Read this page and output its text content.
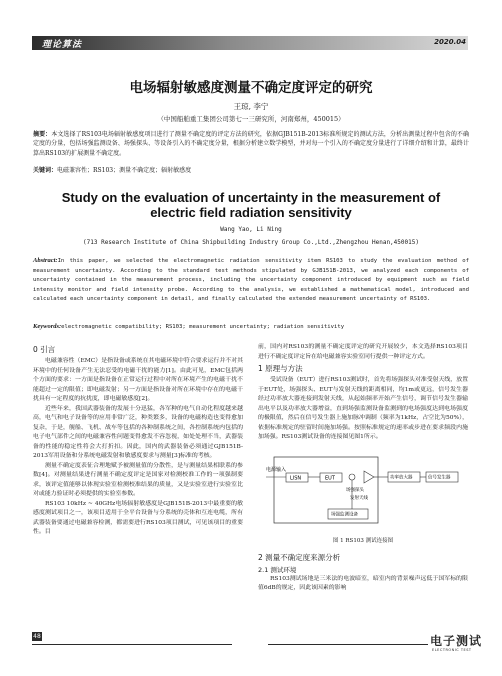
理论算法	2020.04
电场辐射敏感度测量不确定度评定的研究
王琼, 李宁
（中国船舶重工集团公司第七一三研究所，河南郑州，450015）
摘要：本文选择了RS103电场辐射敏感度项目进行了测量不确定度的评定方法的研究，依据GJB151B-2013标准所规定的测试方法，分析出测量过程中包含的不确定度的分量，包括场强监测设备、场强探头、等设备引入的不确定度分量，根据分析建立数学模型，并对每一个引入的不确定度分量进行了详细介绍和计算，最终计算出RS103的扩展测量不确定度。
关键词：电磁兼容性；RS103；测量不确定度；辐射敏感度
Study on the evaluation of uncertainty in the measurement of
electric field radiation sensitivity
Wang Yao, Li Ning
(713 Research Institute of China Shipbuilding Industry Group Co.,Ltd.,Zhengzhou Henan,450015)
Abstract:In this paper, we selected the electromagnetic radiation sensitivity item RS103 to study the evaluation method of measurement uncertainty. According to the standard test methods stipulated by GJB151B-2013, we analyzed each components of uncertainty contained in the measurement process, including the uncertainty component introduced by equipment such as field intensity monitor and field intensity probe. According to the analysis, we established a mathematical model, introduced and calculated each uncertainty component in detail, and finally calculated the extended measurement uncertainty of RS103.
Keywords:electromagnetic compatibility; RS103; measurement uncertainty; radiation sensitivity
0 引言

电磁兼容性（EMC）是指设备或系统在其电磁环境中符合要求运行并不对其环境中的任何设备产生无法忍受的电磁干扰的能力[1]。由此可见，EMC包括两个方面的要求：一方面是指设备在正常运行过程中对所在环境产生的电磁干扰不能超过一定的限值；即电磁发射；另一方面是指设备对所在环境中存在的电磁干扰具有一定程度的抗扰度，即电磁敏感度[2]。

近些年来，我国武器装备的发展十分迅猛，各军种的电气自动化程度越来越高，电气和电子设备等的应用非常广泛，种类繁多，设备的电磁构造也变得愈加复杂，于是，舰船、飞机、战车等包括的各种制系统之间，各控制系统内包括的电子电气部件之间的电磁兼容性问题变得愈发不容忽视，如处处理不当，武器装备的性能的稳定性将会大打折扣。因此，国内的武器装备必须通过GJB151B-2013军用设备和分系统电磁发射和敏感度要求与测量[3]标准的考核。

测量不确定度表征合理地赋予被测量值的分散性，是与测量结果相联系的参数[4]。对测量结果进行测量不确定度评定是国家对检测校准工作的一项强制要求，该评定值能够以体现实验室检测校准结果的质量，又是实验室进行实验室比对或能力验证时必须提供的实验室参数。

RS103 10kHz ~ 40GHz电场辐射敏感度是GJB151B-2013中最重要的敏感度测试项目之一，该项目适用于全平台设备与分系统的壳体和互连电缆，所有武器装备要通过电磁兼容检测，都需要进行RS103项目测试，可见该项目的重要性。目

前，国内对RS103的测量不确定度评定的研究开展较少，本文选择RS103项目进行不确定度评定旨在给电磁兼容实验室同行提供一种评定方式。

1 原理与方法

受试设备（EUT）进行RS103测试时，首先将场强探头对准受射天线，放置于EUT处，场强探头、EUT与发射天线的距离相同，均1m或更远，信号发生器经过功率放大器连接到发射天线，从起始频率开始产生信号，调节信号发生器输出电平以及功率放大器增益，直到场强监测设备监测到的电场强度达到电场强度的极限值，然后在信号发生器上施加脉冲调制（频率为1kHz，占空比为50%），依据标准规定的驻留时间施加场强。按照标准规定的速率或步进在要求频段内施加场强。RS103测试设备的连接图见图1所示。

电源输入
LISN	EUT
场强探头
发射天线
功率放大器	信号发生器
场强监测设备
图 1 RS103 测试连接图
2 测量不确定度来源分析
2.1 测试环境

RS103测试场地是三米法的电波暗室，暗室内的背景噪声远低于国军标的限值6dB的规定，因此该因素的影响

48	电子测试
ELECTRONIC TEST
